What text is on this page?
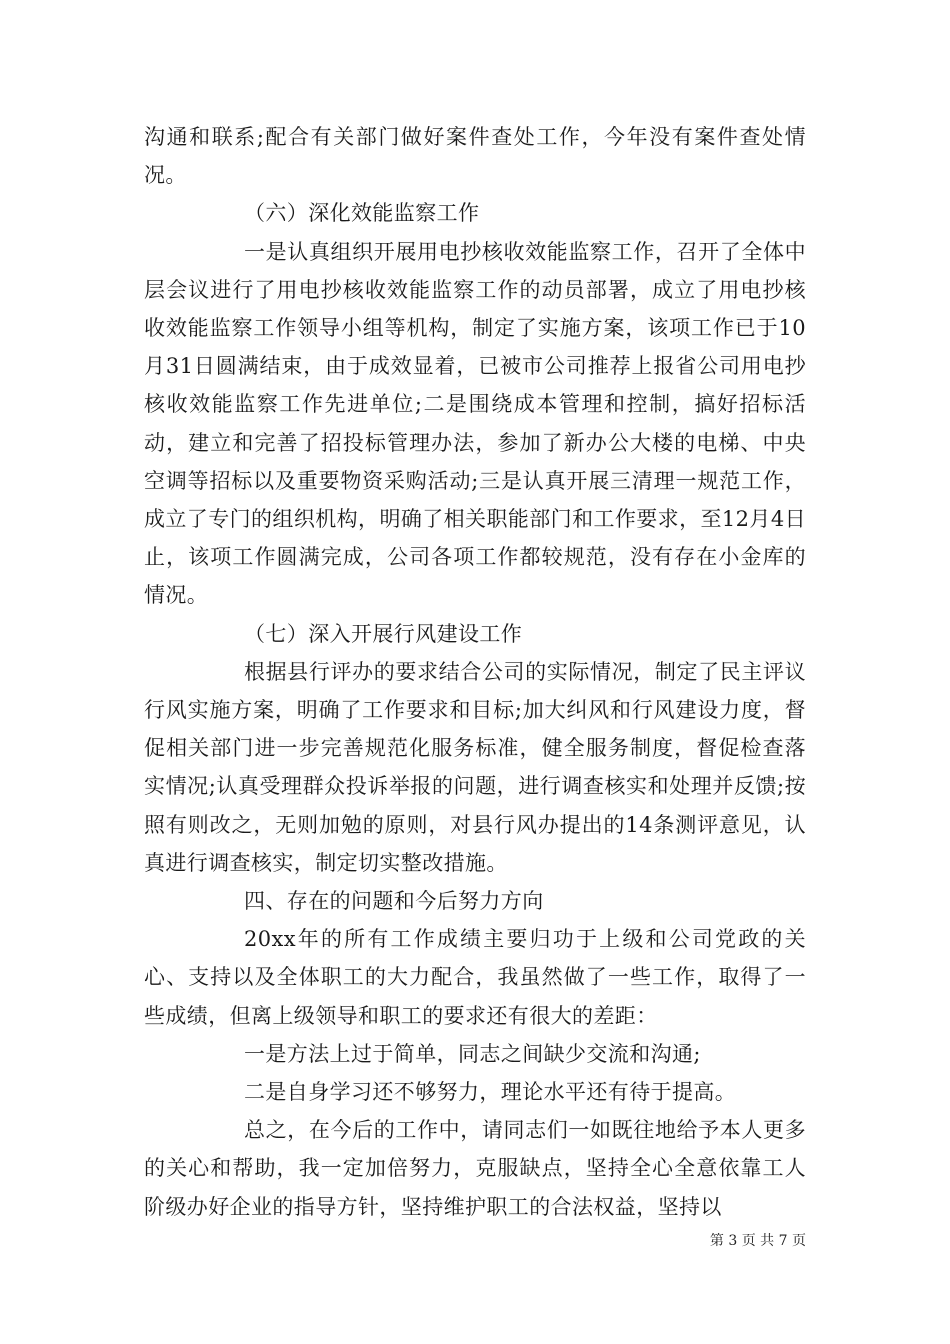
沟通和联系;配合有关部门做好案件查处工作，今年没有案件查处情况。

（六）深化效能监察工作

一是认真组织开展用电抄核收效能监察工作，召开了全体中层会议进行了用电抄核收效能监察工作的动员部署，成立了用电抄核收效能监察工作领导小组等机构，制定了实施方案，该项工作已于10月31日圆满结束，由于成效显着，已被市公司推荐上报省公司用电抄核收效能监察工作先进单位;二是围绕成本管理和控制，搞好招标活动，建立和完善了招投标管理办法，参加了新办公大楼的电梯、中央空调等招标以及重要物资采购活动;三是认真开展三清理一规范工作，成立了专门的组织机构，明确了相关职能部门和工作要求，至12月4日止，该项工作圆满完成，公司各项工作都较规范，没有存在小金库的情况。

（七）深入开展行风建设工作

根据县行评办的要求结合公司的实际情况，制定了民主评议行风实施方案，明确了工作要求和目标;加大纠风和行风建设力度，督促相关部门进一步完善规范化服务标准，健全服务制度，督促检查落实情况;认真受理群众投诉举报的问题，进行调查核实和处理并反馈;按照有则改之，无则加勉的原则，对县行风办提出的14条测评意见，认真进行调查核实，制定切实整改措施。

四、存在的问题和今后努力方向

20xx年的所有工作成绩主要归功于上级和公司党政的关心、支持以及全体职工的大力配合，我虽然做了一些工作，取得了一些成绩，但离上级领导和职工的要求还有很大的差距：

一是方法上过于简单，同志之间缺少交流和沟通;

二是自身学习还不够努力，理论水平还有待于提高。

总之，在今后的工作中，请同志们一如既往地给予本人更多的关心和帮助，我一定加倍努力，克服缺点，坚持全心全意依靠工人阶级办好企业的指导方针，坚持维护职工的合法权益，坚持以

第 3 页 共 7 页
